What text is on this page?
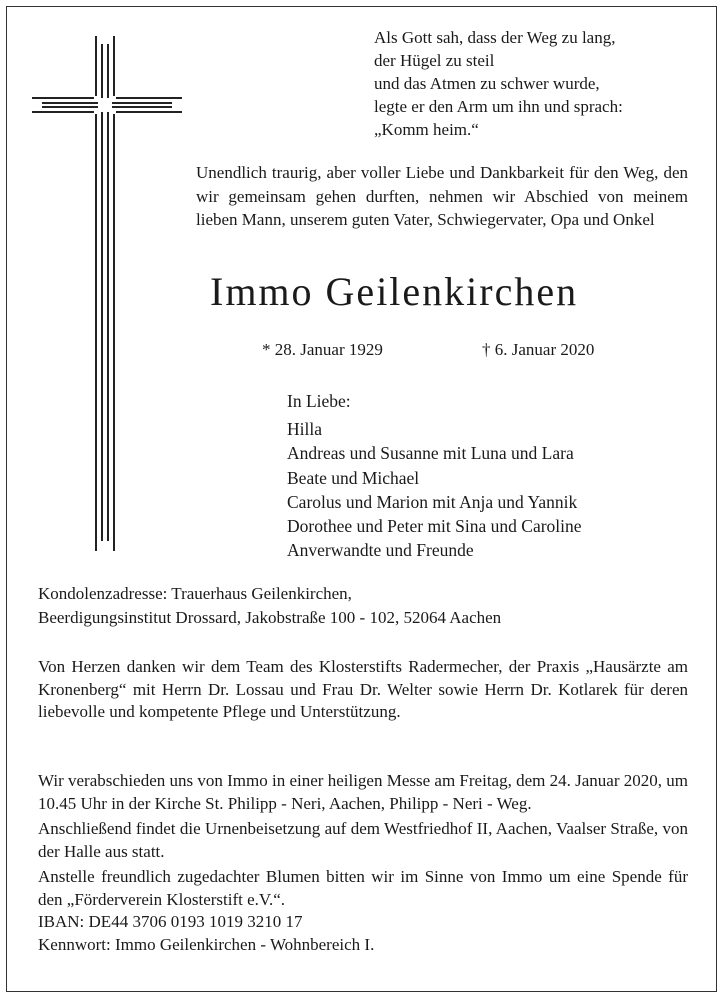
Als Gott sah, dass der Weg zu lang,
der Hügel zu steil
und das Atmen zu schwer wurde,
legte er den Arm um ihn und sprach:
„Komm heim.“

Unendlich traurig, aber voller Liebe und Dankbarkeit für den Weg, den wir gemeinsam gehen durften, nehmen wir Abschied von meinem lieben Mann, unserem guten Vater, Schwiegervater, Opa und Onkel

Immo Geilenkirchen
* 28. Januar 1929	† 6. Januar 2020
In Liebe:
Hilla
Andreas und Susanne mit Luna und Lara
Beate und Michael
Carolus und Marion mit Anja und Yannik
Dorothee und Peter mit Sina und Caroline
Anverwandte und Freunde
Kondolenzadresse: Trauerhaus Geilenkirchen,
Beerdigungsinstitut Drossard, Jakobstraße 100 - 102, 52064 Aachen

Von Herzen danken wir dem Team des Klosterstifts Radermecher, der Praxis „Hausärzte am Kronenberg“ mit Herrn Dr. Lossau und Frau Dr. Welter sowie Herrn Dr. Kotlarek für deren liebevolle und kompetente Pflege und Unterstützung.

Wir verabschieden uns von Immo in einer heiligen Messe am Freitag, dem 24. Januar 2020, um 10.45 Uhr in der Kirche St. Philipp - Neri, Aachen, Philipp - Neri - Weg.

Anschließend findet die Urnenbeisetzung auf dem Westfriedhof II, Aachen, Vaalser Straße, von der Halle aus statt.

Anstelle freundlich zugedachter Blumen bitten wir im Sinne von Immo um eine Spende für den „Förderverein Klosterstift e.V.“.

IBAN: DE44 3706 0193 1019 3210 17

Kennwort: Immo Geilenkirchen - Wohnbereich I.
